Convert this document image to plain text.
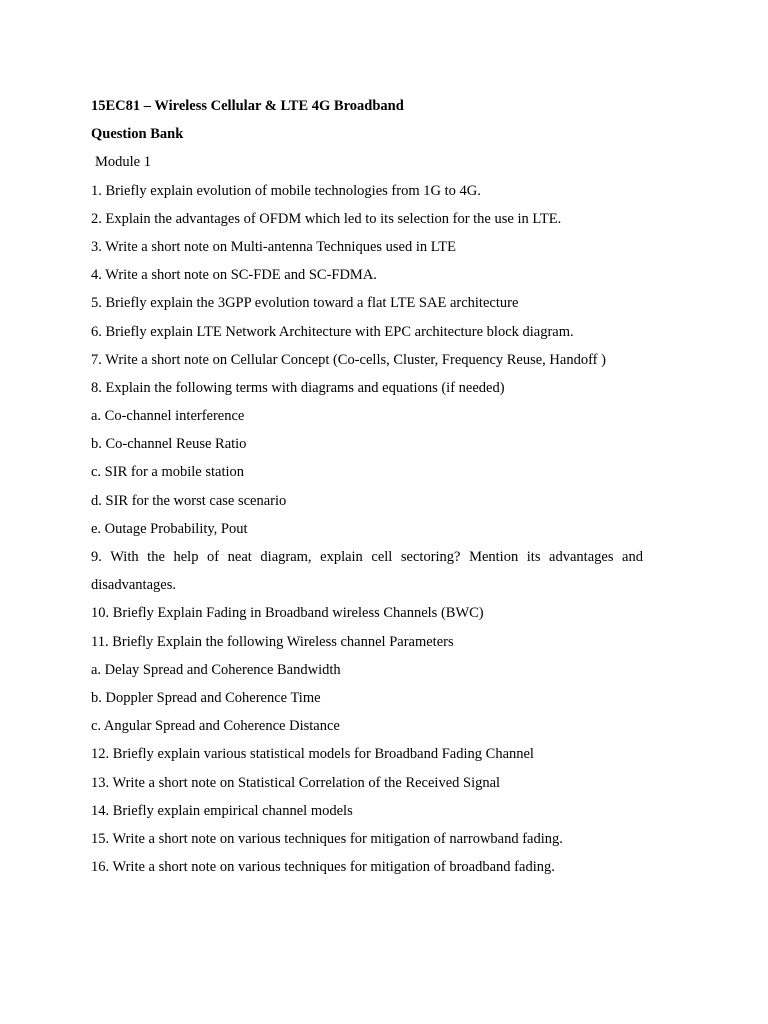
15EC81 – Wireless Cellular & LTE 4G Broadband
Question Bank
Module 1
1. Briefly explain evolution of mobile technologies from 1G to 4G.
2. Explain the advantages of OFDM which led to its selection for the use in LTE.
3. Write a short note on Multi-antenna Techniques used in LTE
4. Write a short note on SC-FDE and SC-FDMA.
5. Briefly explain the 3GPP evolution toward a flat LTE SAE architecture
6. Briefly explain LTE Network Architecture with EPC architecture block diagram.
7. Write a short note on Cellular Concept (Co-cells, Cluster, Frequency Reuse, Handoff )
8. Explain the following terms with diagrams and equations (if needed)
a. Co-channel interference
b. Co-channel Reuse Ratio
c. SIR for a mobile station
d. SIR for the worst case scenario
e. Outage Probability, Pout
9. With the help of neat diagram, explain cell sectoring? Mention its advantages and
disadvantages.
10. Briefly Explain Fading in Broadband wireless Channels (BWC)
11. Briefly Explain the following Wireless channel Parameters
a. Delay Spread and Coherence Bandwidth
b. Doppler Spread and Coherence Time
c. Angular Spread and Coherence Distance
12. Briefly explain various statistical models for Broadband Fading Channel
13. Write a short note on Statistical Correlation of the Received Signal
14. Briefly explain empirical channel models
15. Write a short note on various techniques for mitigation of narrowband fading.
16. Write a short note on various techniques for mitigation of broadband fading.
